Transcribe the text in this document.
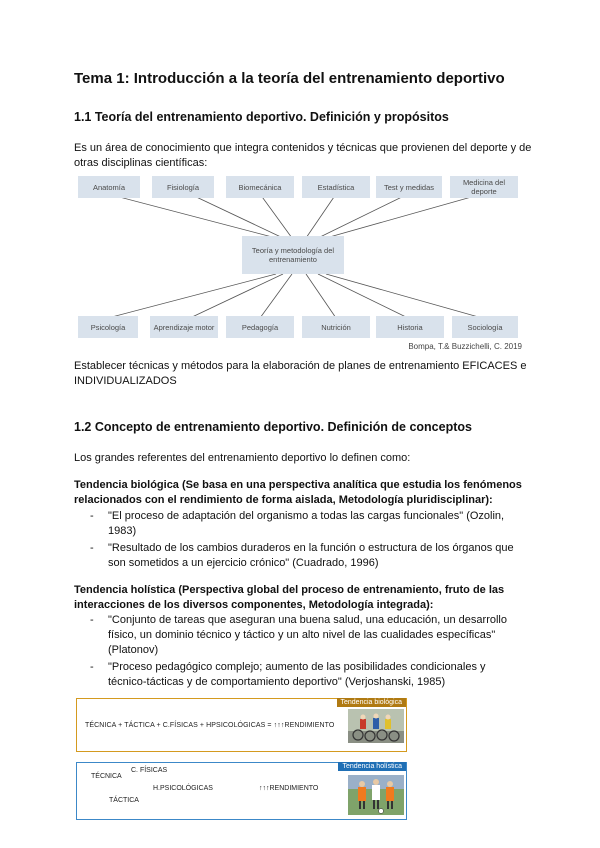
Tema 1: Introducción a la teoría del entrenamiento deportivo
1.1 Teoría del entrenamiento deportivo. Definición y propósitos

Es un área de conocimiento que integra contenidos y técnicas que provienen del deporte y de otras disciplinas científicas:

Anatomía	Fisiología	Biomecánica	Estadística	Test y medidas	Medicina del deporte
Teoría y metodología del entrenamiento
Psicología	Aprendizaje motor	Pedagogía	Nutrición	Historia	Sociología
Bompa, T.& Buzzichelli, C. 2019

Establecer técnicas y métodos para la elaboración de planes de entrenamiento EFICACES e INDIVIDUALIZADOS

1.2 Concepto de entrenamiento deportivo. Definición de conceptos

Los grandes referentes del entrenamiento deportivo lo definen como:

Tendencia biológica (Se basa en una perspectiva analítica que estudia los fenómenos relacionados con el rendimiento de forma aislada, Metodología pluridisciplinar):

- "El proceso de adaptación del organismo a todas las cargas funcionales" (Ozolin, 1983)
- "Resultado de los cambios duraderos en la función o estructura de los órganos que son sometidos a un ejercicio crónico" (Cuadrado, 1996)

Tendencia holística (Perspectiva global del proceso de entrenamiento, fruto de las interacciones de los diversos componentes, Metodología integrada):

- "Conjunto de tareas que aseguran una buena salud, una educación, un desarrollo físico, un dominio técnico y táctico y un alto nivel de las cualidades específicas" (Platonov)
- "Proceso pedagógico complejo; aumento de las posibilidades condicionales y técnico-tácticas y de comportamiento deportivo" (Verjoshanski, 1985)
Tendencia biológica
TÉCNICA + TÁCTICA + C.FÍSICAS + HPSICOLÓGICAS = ↑↑↑RENDIMIENTO
Tendencia holística
TÉCNICA
C. FÍSICAS
H.PSICOLÓGICAS
TÁCTICA
↑↑↑RENDIMIENTO
